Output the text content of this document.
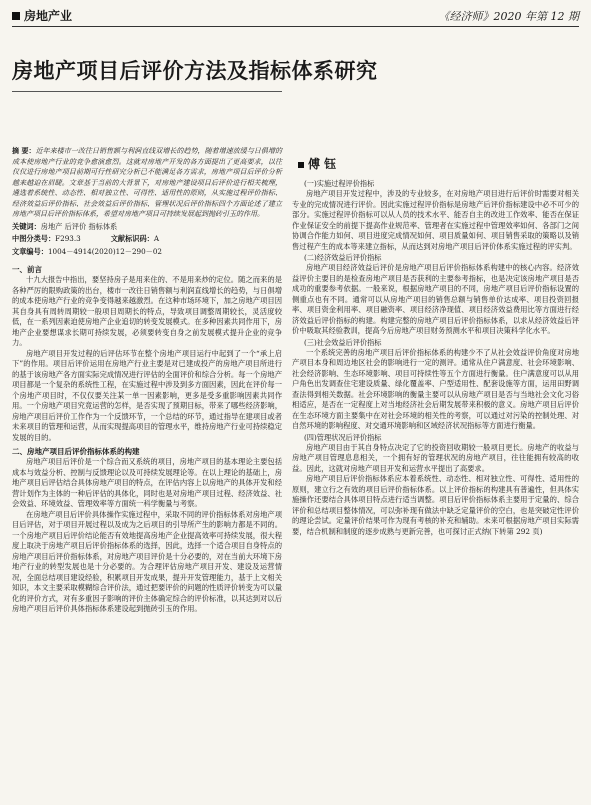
房地产业	《经济师》2020 年第 12 期
房地产项目后评价方法及指标体系研究

摘 要：近年来楼市一改往日销售额与利润直线双增长的趋势，随着增速放缓与日俱增的成本使房地产行业的竞争愈演愈烈。这就对房地产开发的各方面提出了更高要求，以往仅仅进行房地产项目前期可行性研究分析已不能满足各方需求，房地产项目后评价分析越来越迫在眉睫。文章基于当前的大背景下，对房地产建设项目后评价进行相关梳理，遴选着系统性、动态性、相对独立性、可得性、适用性的原则，从实施过程评价指标、经济效益后评价指标、社会效益后评价指标、管理状况后评价指标四个方面论述了建立房地产项目后评价指标体系，希望对房地产项目可持续发展起到抛砖引玉的作用。

关键词：房地产 后评价 指标体系
中图分类号：F293.3	文献标识码：A
文章编号：1004－4914(2020)12－290－02
一、前言

十九大报告中指出，要坚持房子是用来住的、不是用来炒的定位。随之而来的是各种严厉的限购政策的出台，楼市一改往日销售额与利润直线增长的趋势，与日俱增的成本使房地产行业的竞争变得越来越激烈。在这种市场环境下，加之房地产项目因其自身具有周转周期较一般项目周期长的特点，导致项目调整周期较长，灵活度较低，在一系列因素迫使房地产企业追切的转变发展模式。在多种因素共同作用下，房地产企业要想谋求长期可持续发展，必须要转变自身之前发展模式提升企业的竞争力。

房地产项目开发过程的后评估环节在整个房地产项目运行中起到了一个“承上启下”的作用。项目后评价运用在房地产行业主要是对已建成投产的房地产项目所进行的基于该房地产各方面实际完成情况进行评估的全面评价和综合分析。每一个房地产项目都是一个复杂的系统性工程，在实施过程中涉及到多方面因素，因此在评价每一个房地产项目时，不仅仅要关注某一单一因素影响，更多是受多重影响因素共同作用。一个房地产项目究竟运营的怎样，是否实现了预期目标，带来了哪些经济影响，房地产项目后评价工作作为一个反馈环节，一个总结的环节，通过指导在建项目或者未来项目的管理和运营，从而实现提高项目的管理水平，维持房地产行业可持续稳定发展的目的。

二、房地产项目后评价指标体系的构建

房地产项目后评价是一个综合而又系统的项目，房地产项目的基本理论主要包括成本与效益分析、控制与反馈理论以及可持续发展理论等。在以上理论的基础上，房地产项目后评估结合具体房地产项目的特点，在评估内容上以房地产的具体开发和经营计划作为主体的一种后评估的具体化，同时也是对房地产项目过程、经济效益、社会效益、环境效益、管理效率等方面统一科学衡量与考察。

在房地产项目后评价具体操作实施过程中，采取不同的评价指标体系对房地产项目后评估，对于项目开展过程以及成为之后项目的引导所产生的影响力都是不同的。一个房地产项目后评价结论能否有效地提高房地产企业提高效率可持续发展，很大程度上取决于房地产项目后评价指标体系的选择，因此，选择一个适合项目自身特点的房地产项目后评价指标体系，对房地产项目评价是十分必要的，对在当前大环境下房地产行业的转型发展也是十分必要的。为合理评估房地产项目开发、建设及运营情况，全面总结项目建设经验，积累项目开发成果，提升开发管理能力，基于上文相关知识，本文主要采取模糊综合评价法，通过把要评价的问题的性质评价转变为可以量化的评价方式，对有多重因子影响的评价主体确定综合的评价标准，以其达到对以后房地产项目后评价具体指标体系建设起到抛砖引玉的作用。

傅 钰
(一)实施过程评价指标

房地产项目开发过程中，涉及的专业较多，在对房地产项目进行后评价时需要对相关专业的完成情况进行评价。因此实施过程评价指标是房地产后评价指标建设中必不可少的部分。实施过程评价指标可以从人员的技术水平、能否自主的改进工作效率、能否在保证作业保证安全的前提下提高作业规范率、管理者在实施过程中管理效率如何、各部门之间协调合作能力如何、项目进度完成情况如何、项目质量如何、项目销售采取的策略以及销售过程产生的成本等来建立指标，从而达到对房地产项目后评价体系实施过程的评实判。

(二)经济效益后评价指标

房地产项目经济效益后评价是房地产项目后评价指标体系构建中的核心内容。经济效益评价主要目的是检查房地产项目是否获利的主要参考指标，也是决定该房地产项目是否成功的重要参考依据。一般来说，根据房地产项目的不同，房地产项目后评价指标设置的侧重点也有不同。通常可以从房地产项目的销售总额与销售单价达成率、项目投资回报率、项目资金利用率、项目融资率、项目经济净现值、项目经济效益费用比等方面进行经济效益后评价指标的构建。构建完整的房地产项目后评价指标体系，以求从经济效益后评价中吸取其经验教训，提高今后房地产项目财务预测水平和项目决策科学化水平。

(三)社会效益后评价指标

一个系统完善的房地产项目后评价指标体系的构建少不了从社会效益评价角度对房地产项目本身和周边地区社会的影响进行一定的测评。通常从住户满意度、社会环境影响、社会经济影响、生态环境影响、项目可持续性等五个方面进行衡量。住户满意度可以从用户角色出发调查住宅建设质量、绿化覆盖率、户型适用性、配套设施等方面，运用田野调查法得到相关数据。社会环境影响的衡量主要可以从房地产项目是否与当地社会文化习俗相适应，是否在一定程度上对当地经济社会后期发展带来积极的意义。房地产项目后评价在生态环境方面主要集中在对社会环境的相关性的考察，可以通过对污染的控制处理、对自然环境的影响程度、对交通环境影响和区域经济状况指标等方面进行衡量。

(四)管理状况后评价指标

房地产项目由于其自身特点决定了它的投资回收期较一般项目更长。房地产的收益与房地产项目管理息息相关，一个拥有好的管理状况的房地产项目，往往能拥有较高的收益。因此，这就对房地产项目开发和运营水平提出了高要求。

房地产项目后评价指标体系应本着系统性、动态性、相对独立性、可得性、适用性的原则，建立行之有效的项目后评价指标体系。以上评价指标的构建具有普遍性，但具体实施操作还要结合具体项目特点进行适当调整。项目后评价指标体系主要用于定量的、综合评价和总结项目整体情况，可以弥补现有做法中缺乏定量评价的空白，也是突破定性评价的理论尝试。定量评价结果可作为现有考核的补充和辅助。未来可根据房地产项目实际需要，结合机制和制度的逐步成熟与更新完善，也可探讨正式纳(下转第 292 页)
